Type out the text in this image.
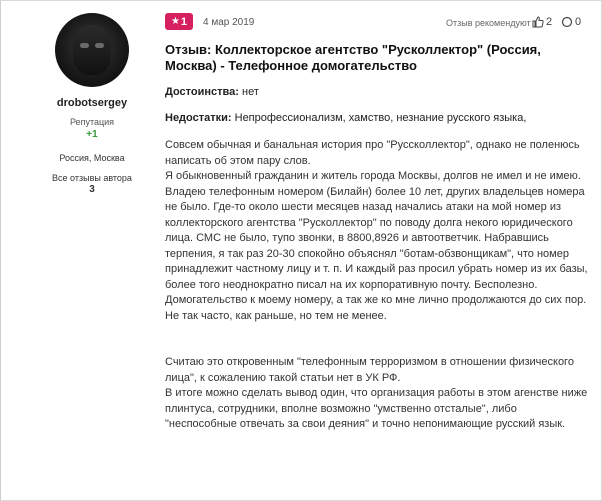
drobotsergey
Репутация
+1
Россия, Москва
Все отзывы автора
3
★ 1 4 мар 2019	Отзыв рекомендуют 2 0
Отзыв: Коллекторское агентство "Русколлектор" (Россия, Москва) - Телефонное домогательство
Достоинства: нет
Недостатки: Непрофессионализм, хамство, незнание русского языка,

Совсем обычная и банальная история про "Руссколлектор", однако не поленюсь написать об этом пару слов.

Я обыкновенный гражданин и житель города Москвы, долгов не имел и не имею. Владею телефонным номером (Билайн) более 10 лет, других владельцев номера не было. Где-то около шести месяцев назад начались атаки на мой номер из коллекторского агентства "Русколлектор" по поводу долга некого юридического лица. СМС не было, тупо звонки, в 8800,8926 и автоответчик. Набравшись терпения, я так раз 20-30 спокойно объяснял "ботам-обзвонщикам", что номер принадлежит частному лицу и т. п. И каждый раз просил убрать номер из их базы, более того неоднократно писал на их корпоративную почту. Бесполезно. Домогательство к моему номеру, а так же ко мне лично продолжаются до сих пор. Не так часто, как раньше, но тем не менее.

Считаю это откровенным "телефонным терроризмом в отношении физического лица", к сожалению такой статьи нет в УК РФ.

В итоге можно сделать вывод один, что организация работы в этом агенстве ниже плинтуса, сотрудники, вполне возможно "умственно отсталые", либо "неспособные отвечать за свои деяния" и точно непонимающие русский язык.
